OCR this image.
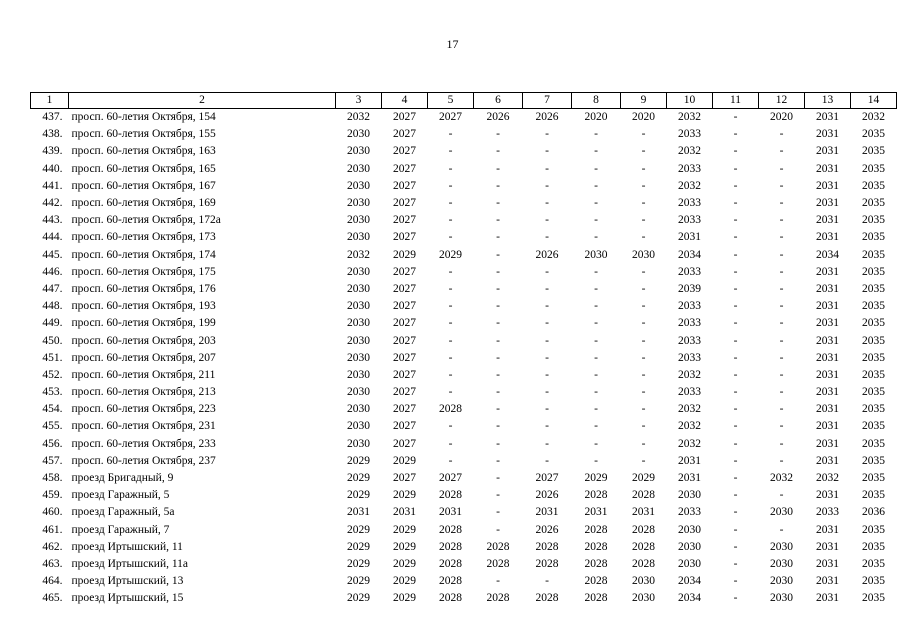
17
1	2	3	4	5	6	7	8	9	10	11	12	13	14
437.	просп. 60-летия Октября, 154	2032	2027	2027	2026	2026	2020	2020	2032	-	2020	2031	2032
438.	просп. 60-летия Октября, 155	2030	2027	-	-	-	-	-	2033	-	-	2031	2035
439.	просп. 60-летия Октября, 163	2030	2027	-	-	-	-	-	2032	-	-	2031	2035
440.	просп. 60-летия Октября, 165	2030	2027	-	-	-	-	-	2033	-	-	2031	2035
441.	просп. 60-летия Октября, 167	2030	2027	-	-	-	-	-	2032	-	-	2031	2035
442.	просп. 60-летия Октября, 169	2030	2027	-	-	-	-	-	2033	-	-	2031	2035
443.	просп. 60-летия Октября, 172а	2030	2027	-	-	-	-	-	2033	-	-	2031	2035
444.	просп. 60-летия Октября, 173	2030	2027	-	-	-	-	-	2031	-	-	2031	2035
445.	просп. 60-летия Октября, 174	2032	2029	2029	-	2026	2030	2030	2034	-	-	2034	2035
446.	просп. 60-летия Октября, 175	2030	2027	-	-	-	-	-	2033	-	-	2031	2035
447.	просп. 60-летия Октября, 176	2030	2027	-	-	-	-	-	2039	-	-	2031	2035
448.	просп. 60-летия Октября, 193	2030	2027	-	-	-	-	-	2033	-	-	2031	2035
449.	просп. 60-летия Октября, 199	2030	2027	-	-	-	-	-	2033	-	-	2031	2035
450.	просп. 60-летия Октября, 203	2030	2027	-	-	-	-	-	2033	-	-	2031	2035
451.	просп. 60-летия Октября, 207	2030	2027	-	-	-	-	-	2033	-	-	2031	2035
452.	просп. 60-летия Октября, 211	2030	2027	-	-	-	-	-	2032	-	-	2031	2035
453.	просп. 60-летия Октября, 213	2030	2027	-	-	-	-	-	2033	-	-	2031	2035
454.	просп. 60-летия Октября, 223	2030	2027	2028	-	-	-	-	2032	-	-	2031	2035
455.	просп. 60-летия Октября, 231	2030	2027	-	-	-	-	-	2032	-	-	2031	2035
456.	просп. 60-летия Октября, 233	2030	2027	-	-	-	-	-	2032	-	-	2031	2035
457.	просп. 60-летия Октября, 237	2029	2029	-	-	-	-	-	2031	-	-	2031	2035
458.	проезд Бригадный, 9	2029	2027	2027	-	2027	2029	2029	2031	-	2032	2032	2035
459.	проезд Гаражный, 5	2029	2029	2028	-	2026	2028	2028	2030	-	-	2031	2035
460.	проезд Гаражный, 5а	2031	2031	2031	-	2031	2031	2031	2033	-	2030	2033	2036
461.	проезд Гаражный, 7	2029	2029	2028	-	2026	2028	2028	2030	-	-	2031	2035
462.	проезд Иртышский, 11	2029	2029	2028	2028	2028	2028	2028	2030	-	2030	2031	2035
463.	проезд Иртышский, 11а	2029	2029	2028	2028	2028	2028	2028	2030	-	2030	2031	2035
464.	проезд Иртышский, 13	2029	2029	2028	-	-	2028	2030	2034	-	2030	2031	2035
465.	проезд Иртышский, 15	2029	2029	2028	2028	2028	2028	2030	2034	-	2030	2031	2035
